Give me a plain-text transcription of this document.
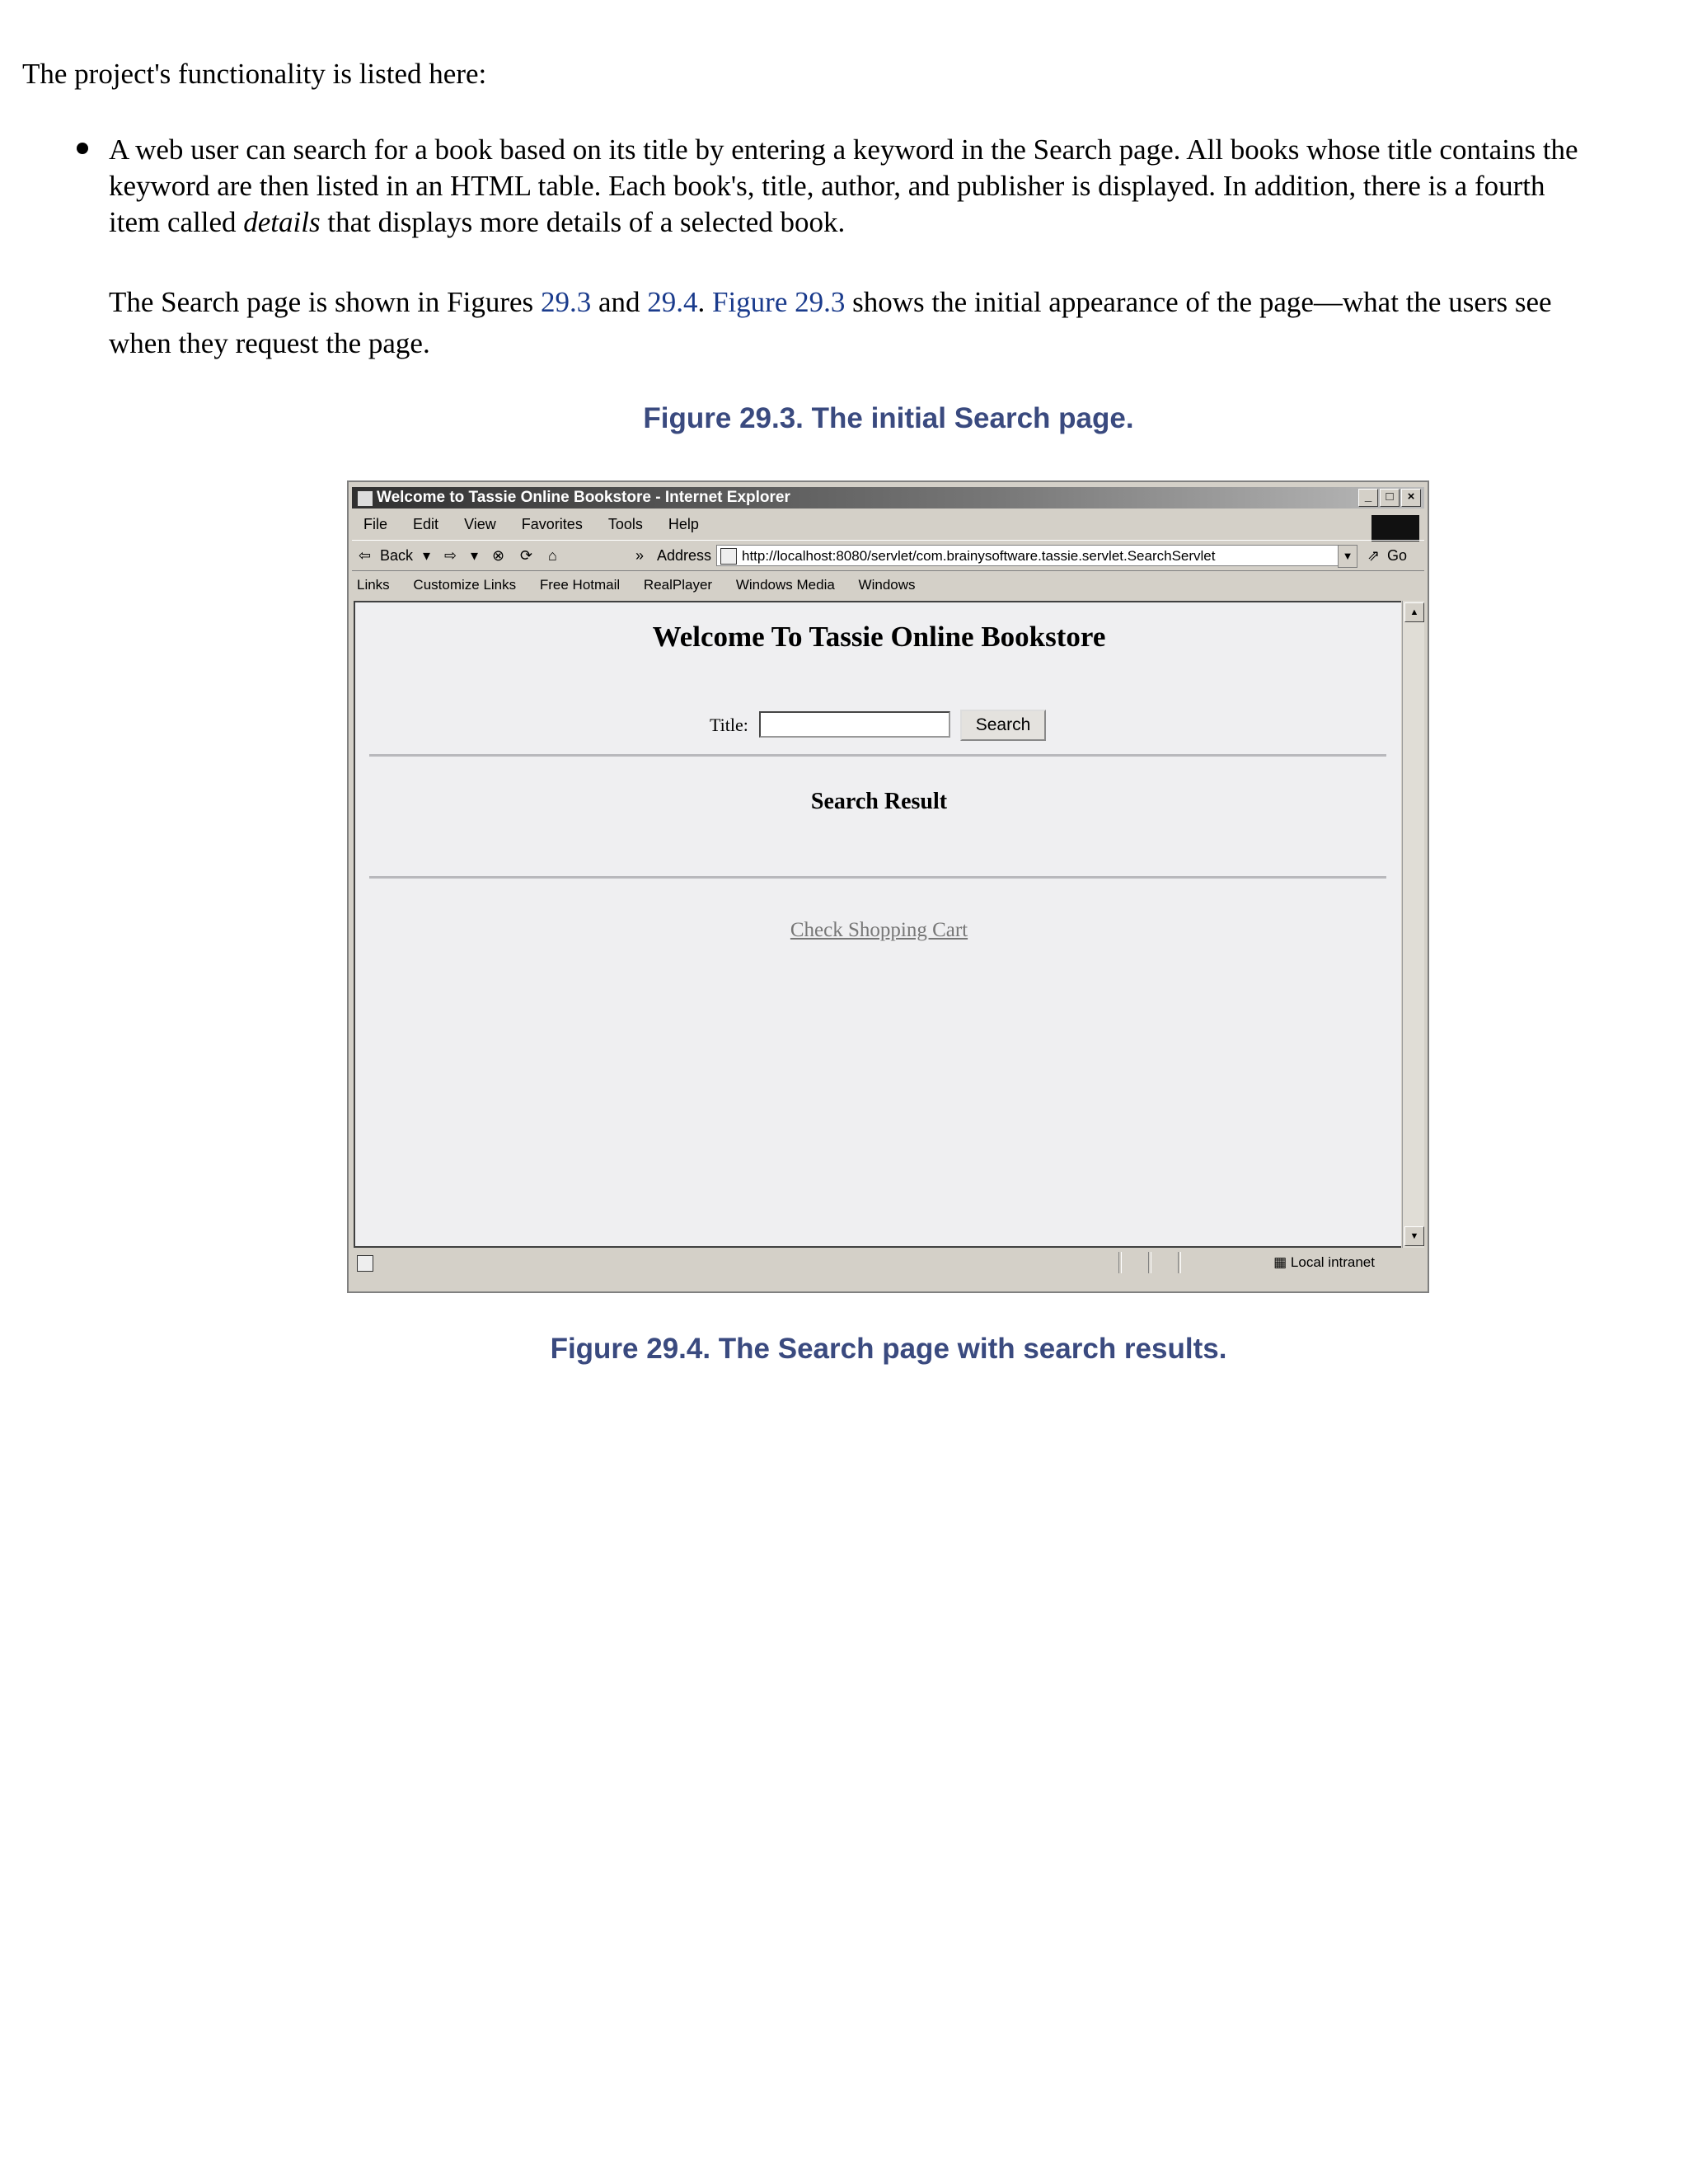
The project's functionality is listed here:

A web user can search for a book based on its title by entering a keyword in the Search page. All books whose title contains the
keyword are then listed in an HTML table. Each book's, title, author, and publisher is displayed. In addition, there is a fourth
item called details that displays more details of a selected book.
The Search page is shown in Figures 29.3 and 29.4. Figure 29.3 shows the initial appearance of the page—what the users see
when they request the page.
Figure 29.3. The initial Search page.
Welcome to Tassie Online Bookstore - Internet Explorer	_	□	×
File Edit View Favorites Tools Help
⇦ Back ▾ ⇨ ▾ ⊗ ⟳ ⌂	» Address	http://localhost:8080/servlet/com.brainysoftware.tassie.servlet.SearchServlet	▼ ⇗ Go
Links Customize Links Free Hotmail RealPlayer Windows Media Windows
Welcome To Tassie Online Bookstore
Title:	Search
Search Result
Check Shopping Cart
▲
▼
▦ Local intranet
Figure 29.4. The Search page with search results.
